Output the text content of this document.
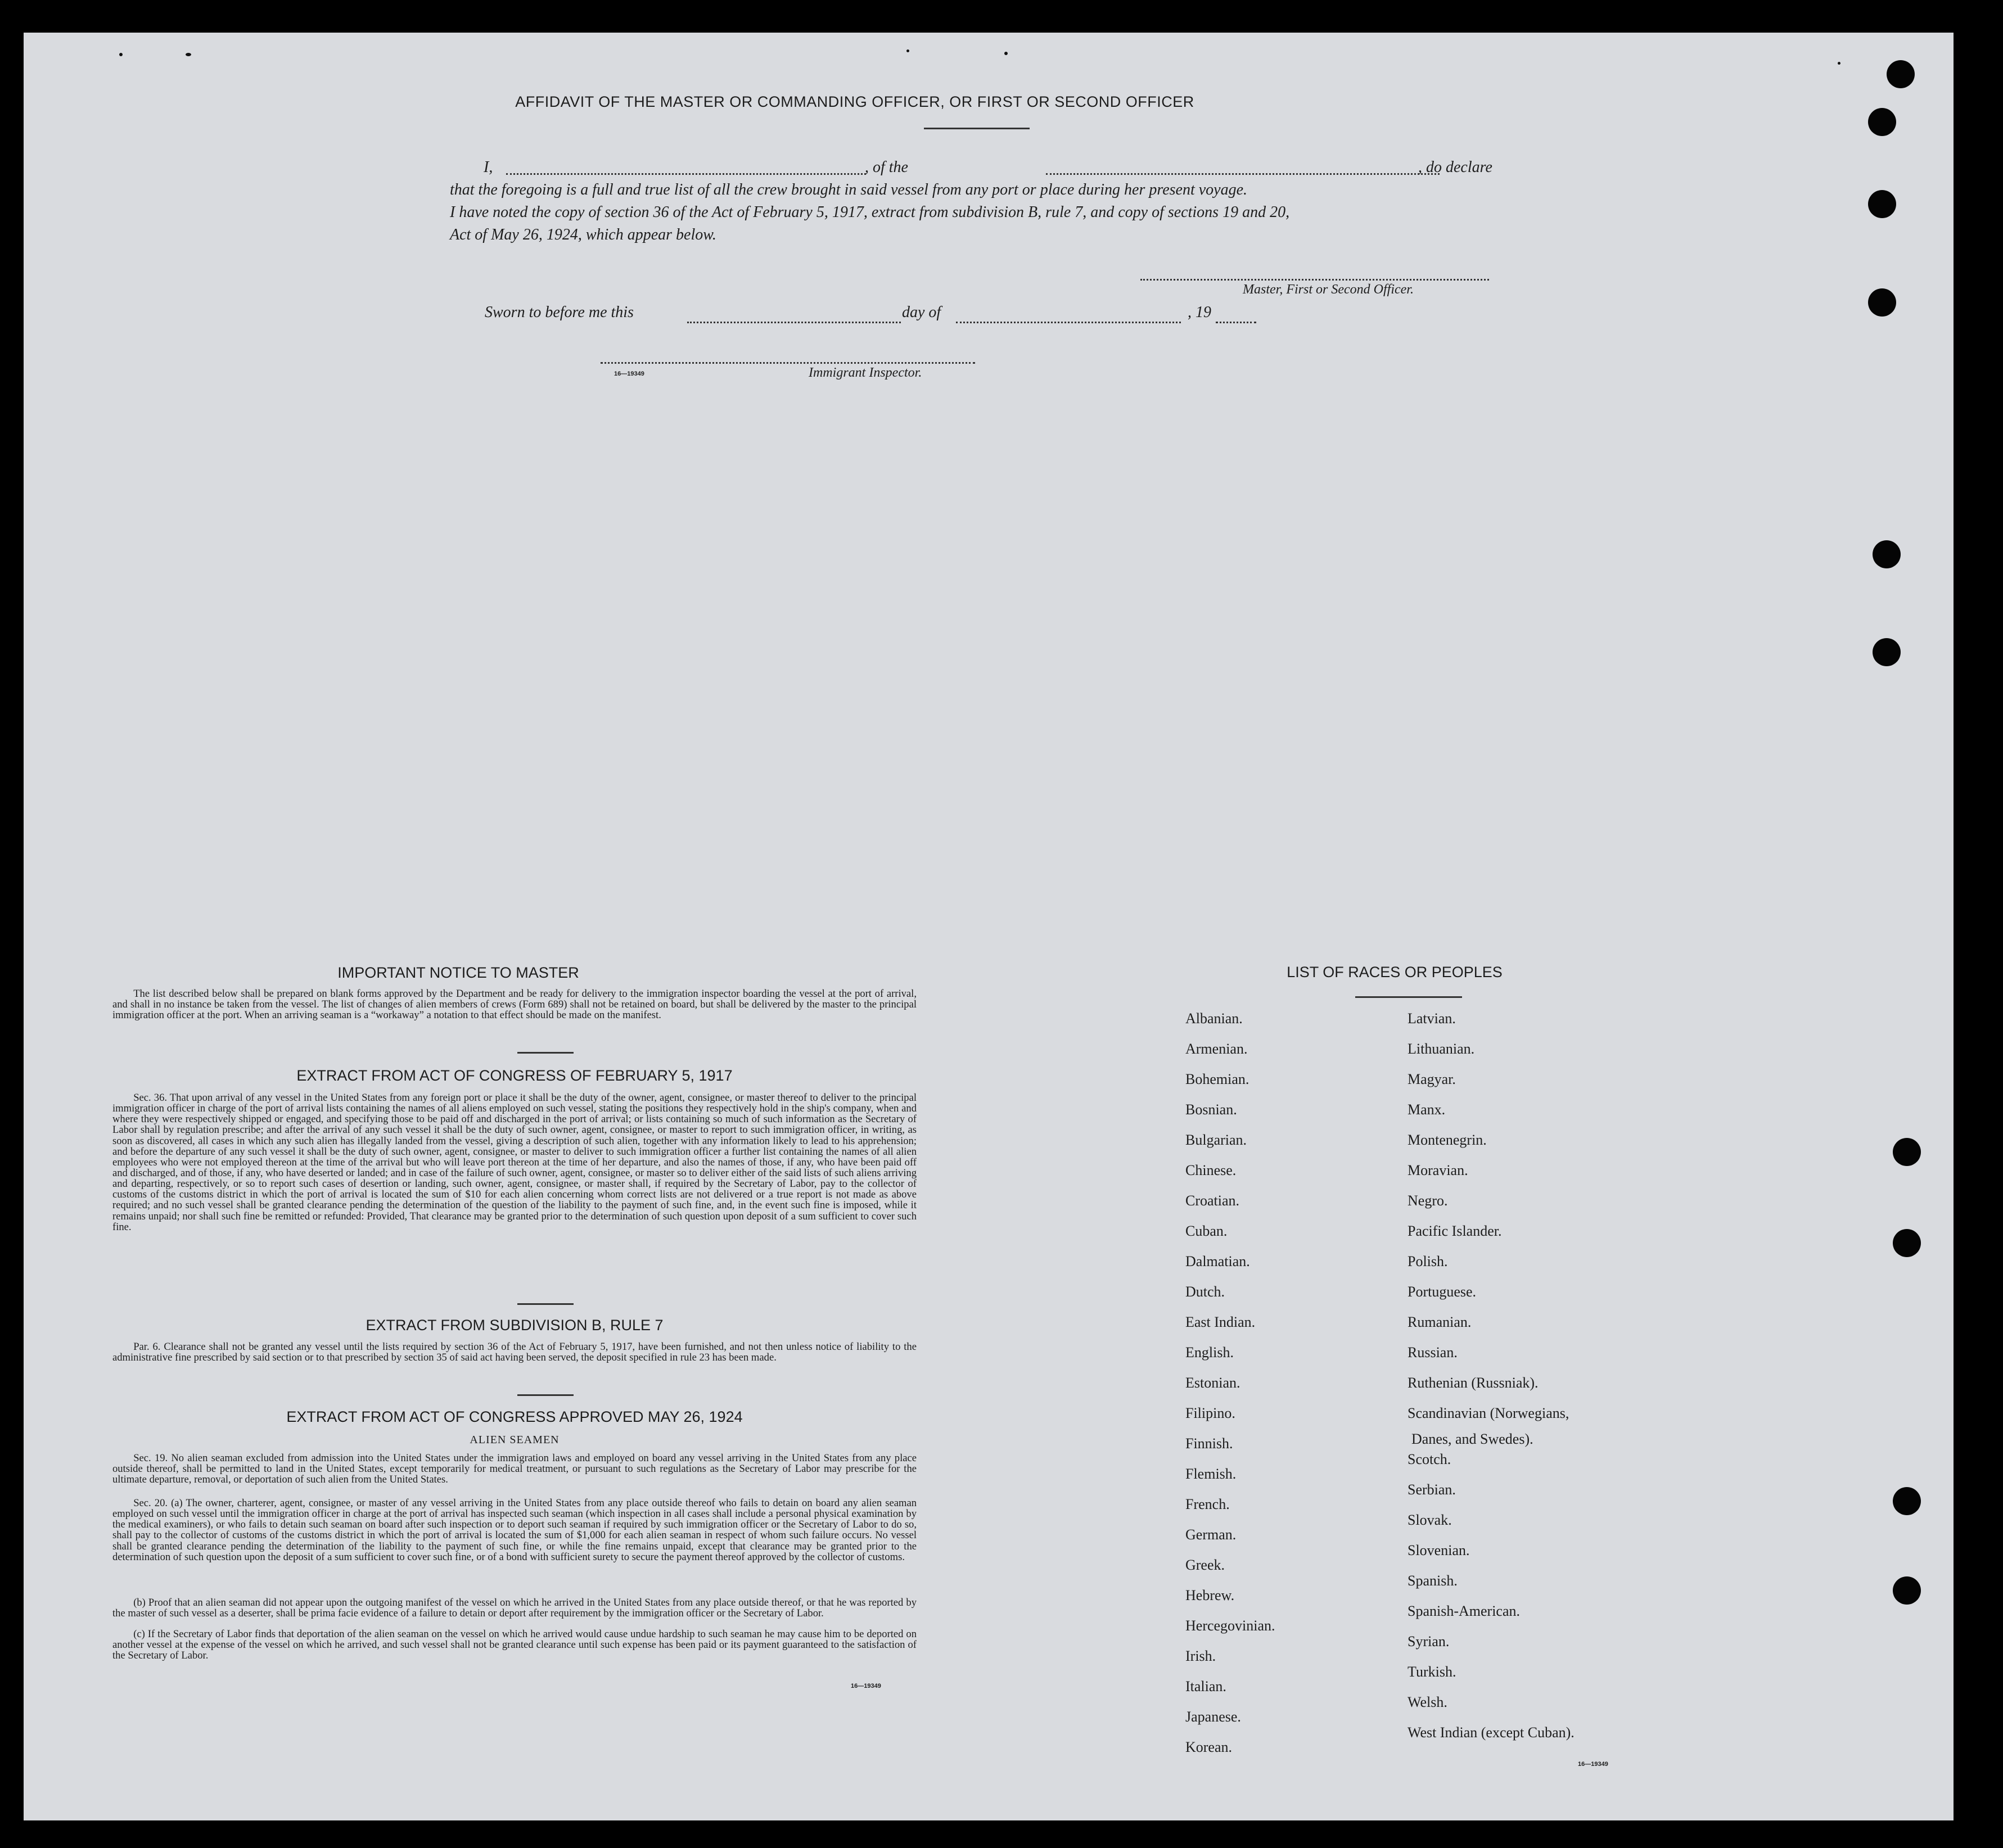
AFFIDAVIT OF THE MASTER OR COMMANDING OFFICER, OR FIRST OR SECOND OFFICER
I,	, of the	, do declare
that the foregoing is a full and true list of all the crew brought in said vessel from any port or place during her present voyage.
I have noted the copy of section 36 of the Act of February 5, 1917, extract from subdivision B, rule 7, and copy of sections 19 and 20,
Act of May 26, 1924, which appear below.
Master, First or Second Officer.
Sworn to before me this	day of	, 19
16—19349	Immigrant Inspector.
IMPORTANT NOTICE TO MASTER

The list described below shall be prepared on blank forms approved by the Department and be ready for delivery to the immigration inspector boarding the vessel at the port of arrival, and shall in no instance be taken from the vessel. The list of changes of alien members of crews (Form 689) shall not be retained on board, but shall be delivered by the master to the principal immigration officer at the port. When an arriving seaman is a “workaway” a notation to that effect should be made on the manifest.

EXTRACT FROM ACT OF CONGRESS OF FEBRUARY 5, 1917

Sec. 36. That upon arrival of any vessel in the United States from any foreign port or place it shall be the duty of the owner, agent, consignee, or master thereof to deliver to the principal immigration officer in charge of the port of arrival lists containing the names of all aliens employed on such vessel, stating the positions they respectively hold in the ship's company, when and where they were respectively shipped or engaged, and specifying those to be paid off and discharged in the port of arrival; or lists containing so much of such information as the Secretary of Labor shall by regulation prescribe; and after the arrival of any such vessel it shall be the duty of such owner, agent, consignee, or master to report to such immigration officer, in writing, as soon as discovered, all cases in which any such alien has illegally landed from the vessel, giving a description of such alien, together with any information likely to lead to his apprehension; and before the departure of any such vessel it shall be the duty of such owner, agent, consignee, or master to deliver to such immigration officer a further list containing the names of all alien employees who were not employed thereon at the time of the arrival but who will leave port thereon at the time of her departure, and also the names of those, if any, who have been paid off and discharged, and of those, if any, who have deserted or landed; and in case of the failure of such owner, agent, consignee, or master so to deliver either of the said lists of such aliens arriving and departing, respectively, or so to report such cases of desertion or landing, such owner, agent, consignee, or master shall, if required by the Secretary of Labor, pay to the collector of customs of the customs district in which the port of arrival is located the sum of $10 for each alien concerning whom correct lists are not delivered or a true report is not made as above required; and no such vessel shall be granted clearance pending the determination of the question of the liability to the payment of such fine, and, in the event such fine is imposed, while it remains unpaid; nor shall such fine be remitted or refunded: Provided, That clearance may be granted prior to the determination of such question upon deposit of a sum sufficient to cover such fine.

EXTRACT FROM SUBDIVISION B, RULE 7

Par. 6. Clearance shall not be granted any vessel until the lists required by section 36 of the Act of February 5, 1917, have been furnished, and not then unless notice of liability to the administrative fine prescribed by said section or to that prescribed by section 35 of said act having been served, the deposit specified in rule 23 has been made.

EXTRACT FROM ACT OF CONGRESS APPROVED MAY 26, 1924
ALIEN SEAMEN

Sec. 19. No alien seaman excluded from admission into the United States under the immigration laws and employed on board any vessel arriving in the United States from any place outside thereof, shall be permitted to land in the United States, except temporarily for medical treatment, or pursuant to such regulations as the Secretary of Labor may prescribe for the ultimate departure, removal, or deportation of such alien from the United States.

Sec. 20. (a) The owner, charterer, agent, consignee, or master of any vessel arriving in the United States from any place outside thereof who fails to detain on board any alien seaman employed on such vessel until the immigration officer in charge at the port of arrival has inspected such seaman (which inspection in all cases shall include a personal physical examination by the medical examiners), or who fails to detain such seaman on board after such inspection or to deport such seaman if required by such immigration officer or the Secretary of Labor to do so, shall pay to the collector of customs of the customs district in which the port of arrival is located the sum of $1,000 for each alien seaman in respect of whom such failure occurs. No vessel shall be granted clearance pending the determination of the liability to the payment of such fine, or while the fine remains unpaid, except that clearance may be granted prior to the determination of such question upon the deposit of a sum sufficient to cover such fine, or of a bond with sufficient surety to secure the payment thereof approved by the collector of customs.

(b) Proof that an alien seaman did not appear upon the outgoing manifest of the vessel on which he arrived in the United States from any place outside thereof, or that he was reported by the master of such vessel as a deserter, shall be prima facie evidence of a failure to detain or deport after requirement by the immigration officer or the Secretary of Labor.

(c) If the Secretary of Labor finds that deportation of the alien seaman on the vessel on which he arrived would cause undue hardship to such seaman he may cause him to be deported on another vessel at the expense of the vessel on which he arrived, and such vessel shall not be granted clearance until such expense has been paid or its payment guaranteed to the satisfaction of the Secretary of Labor.

16—19349
LIST OF RACES OR PEOPLES
Danes, and Swedes).
16—19349
Albanian.
Armenian.
Bohemian.
Bosnian.
Bulgarian.
Chinese.
Croatian.
Cuban.
Dalmatian.
Dutch.
East Indian.
English.
Estonian.
Filipino.
Finnish.
Flemish.
French.
German.
Greek.
Hebrew.
Hercegovinian.
Irish.
Italian.
Japanese.
Korean.
Latvian.
Lithuanian.
Magyar.
Manx.
Montenegrin.
Moravian.
Negro.
Pacific Islander.
Polish.
Portuguese.
Rumanian.
Russian.
Ruthenian (Russniak).
Scandinavian (Norwegians,
Scotch.
Serbian.
Slovak.
Slovenian.
Spanish.
Spanish-American.
Syrian.
Turkish.
Welsh.
West Indian (except Cuban).
